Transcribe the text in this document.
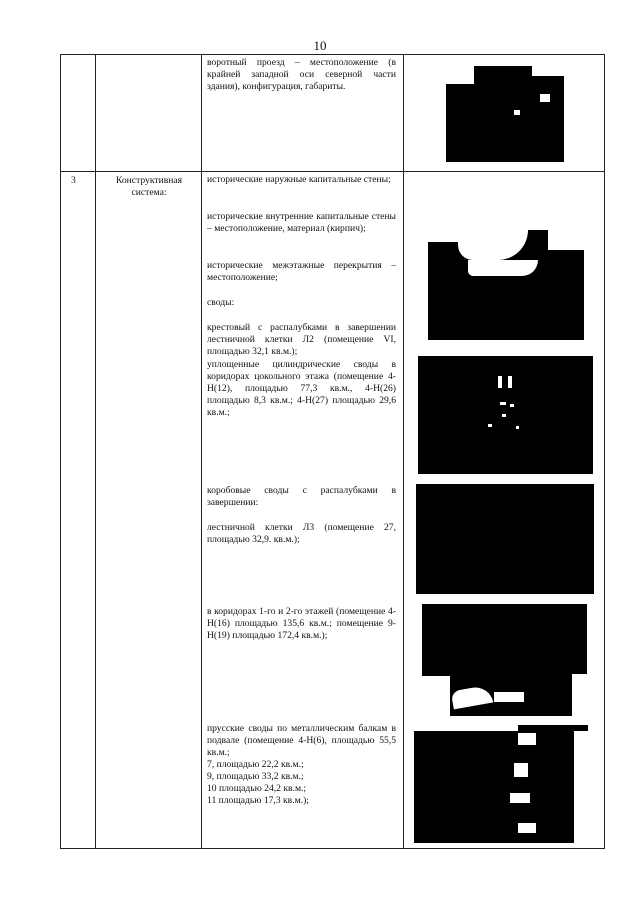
10
воротный проезд – местоположение (в крайней западной оси северной части здания), конфигурация, габариты.
3	Конструктивная система:
исторические наружные капитальные стены;
исторические внутренние капитальные стены – местоположение, материал (кирпич);
исторические межэтажные перекрытия – местоположение;
своды:
крестовый с распалубками в завершении лестничной клетки Л2 (помещение VI, площадью 32,1 кв.м.);
уплощенные цилиндрические своды в коридорах цокольного этажа (помещение 4-Н(12), площадью 77,3 кв.м., 4-Н(26) площадью 8,3 кв.м.; 4-Н(27) площадью 29,6 кв.м.;
коробовые своды с распалубками в завершении:
лестничной клетки Л3 (помещение 27, площадью 32,9. кв.м.);
в коридорах 1-го и 2-го этажей (помещение 4-Н(16) площадью 135,6 кв.м.; помещение 9-Н(19) площадью 172,4 кв.м.);
прусские своды по металлическим балкам в подвале (помещение 4-Н(6), площадью 55,5 кв.м.;
7, площадью 22,2 кв.м.;
9, площадью 33,2 кв.м.;
10 площадью 24,2 кв.м.;
11 площадью 17,3 кв.м.);
